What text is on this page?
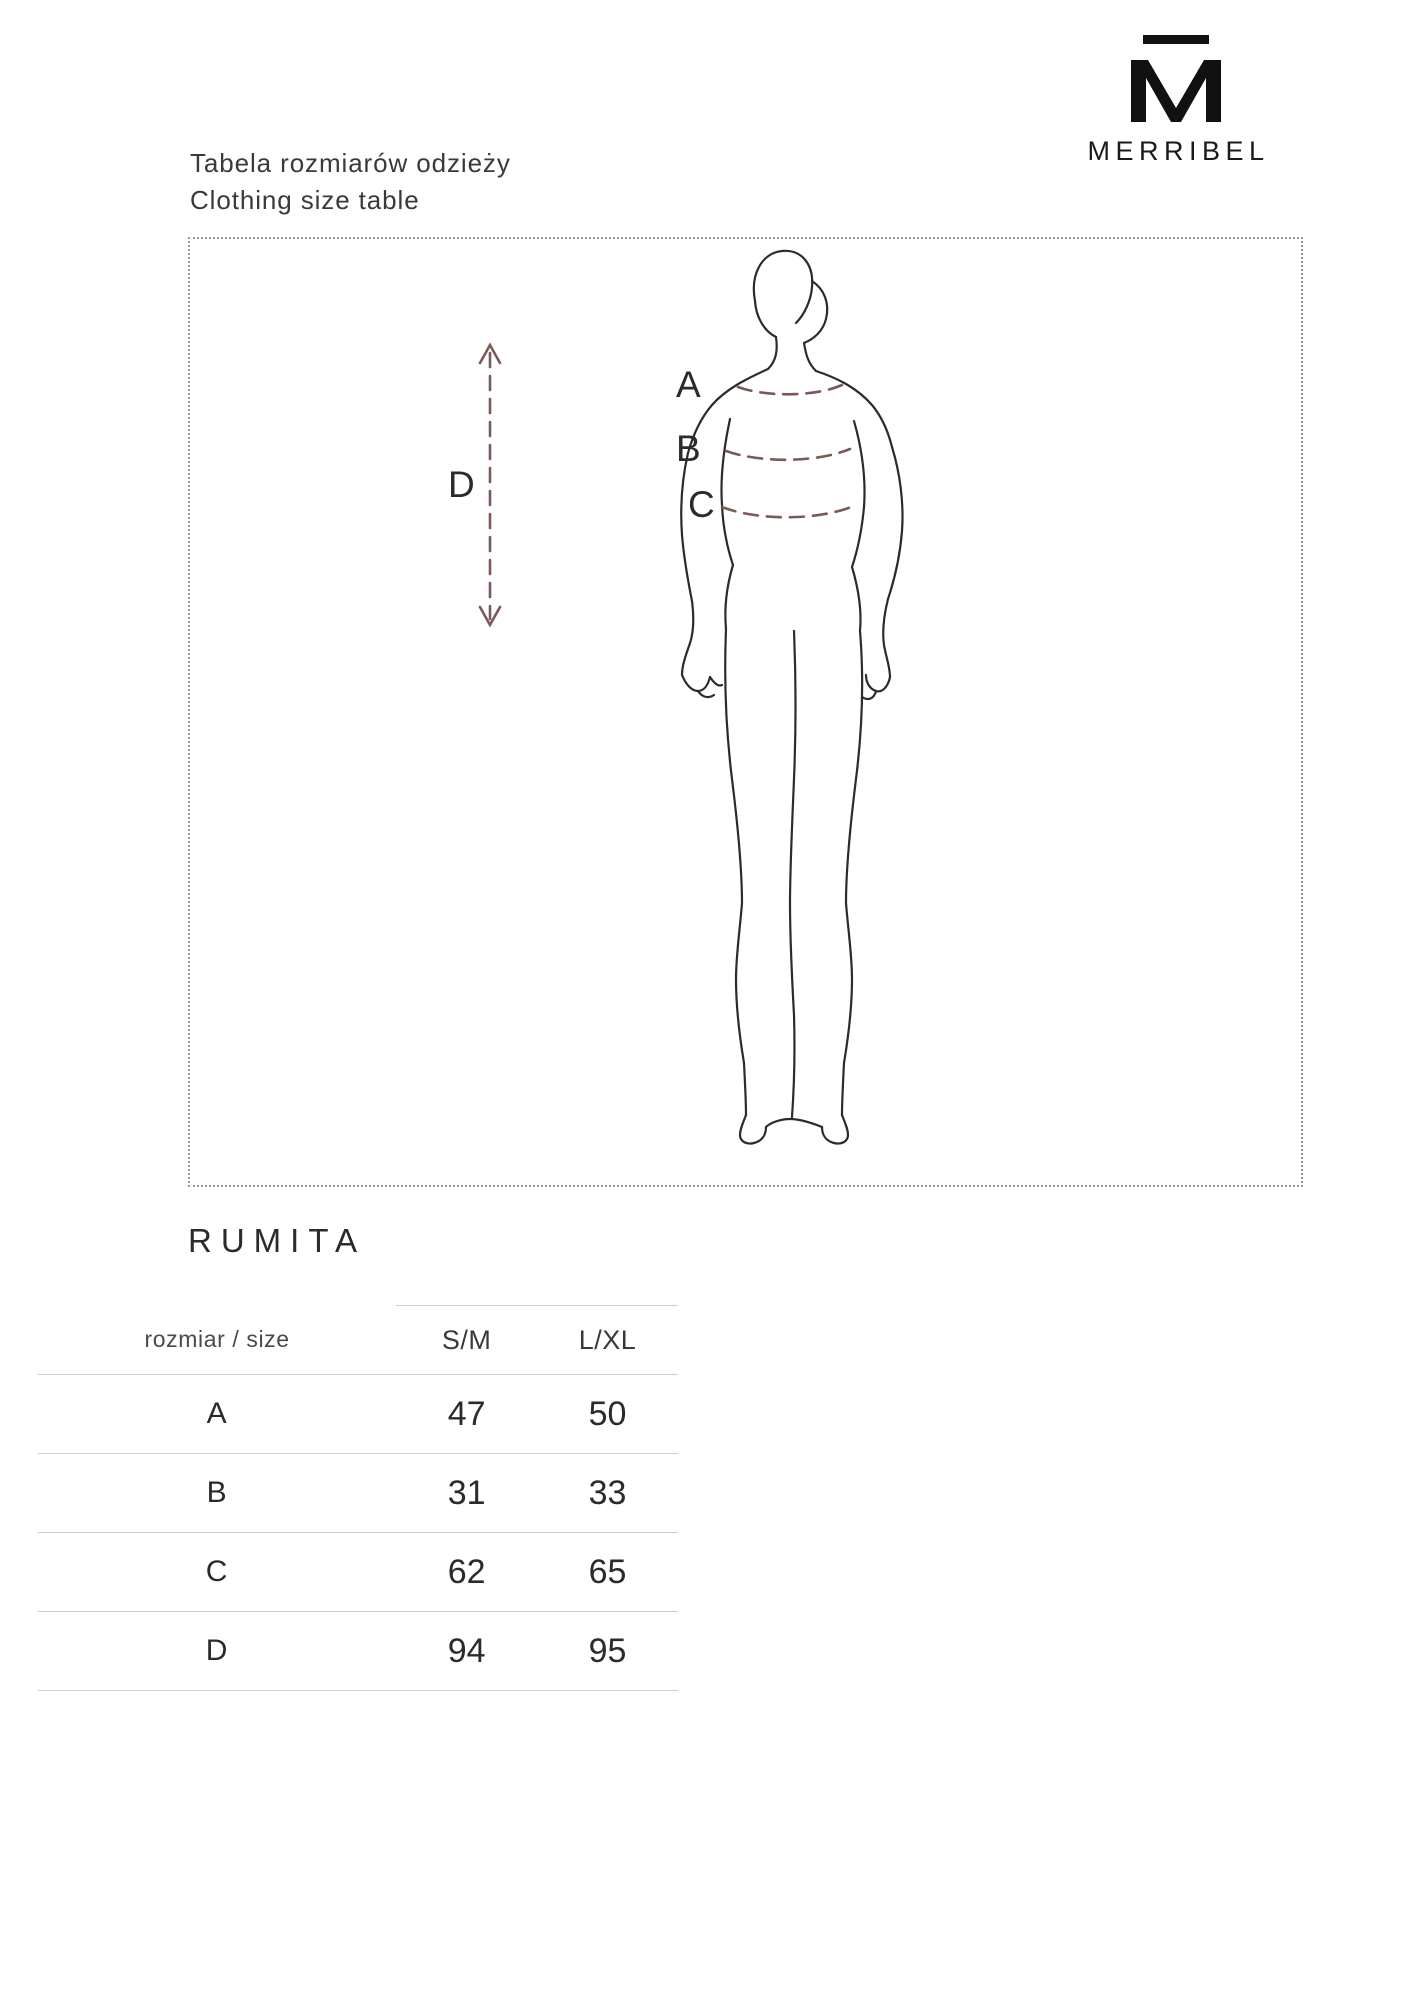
Tabela rozmiarów odzieży
Clothing size table
MERRIBEL
A
B
C
D
RUMITA
rozmiar / size	S/M	L/XL
A	47	50
B	31	33
C	62	65
D	94	95
